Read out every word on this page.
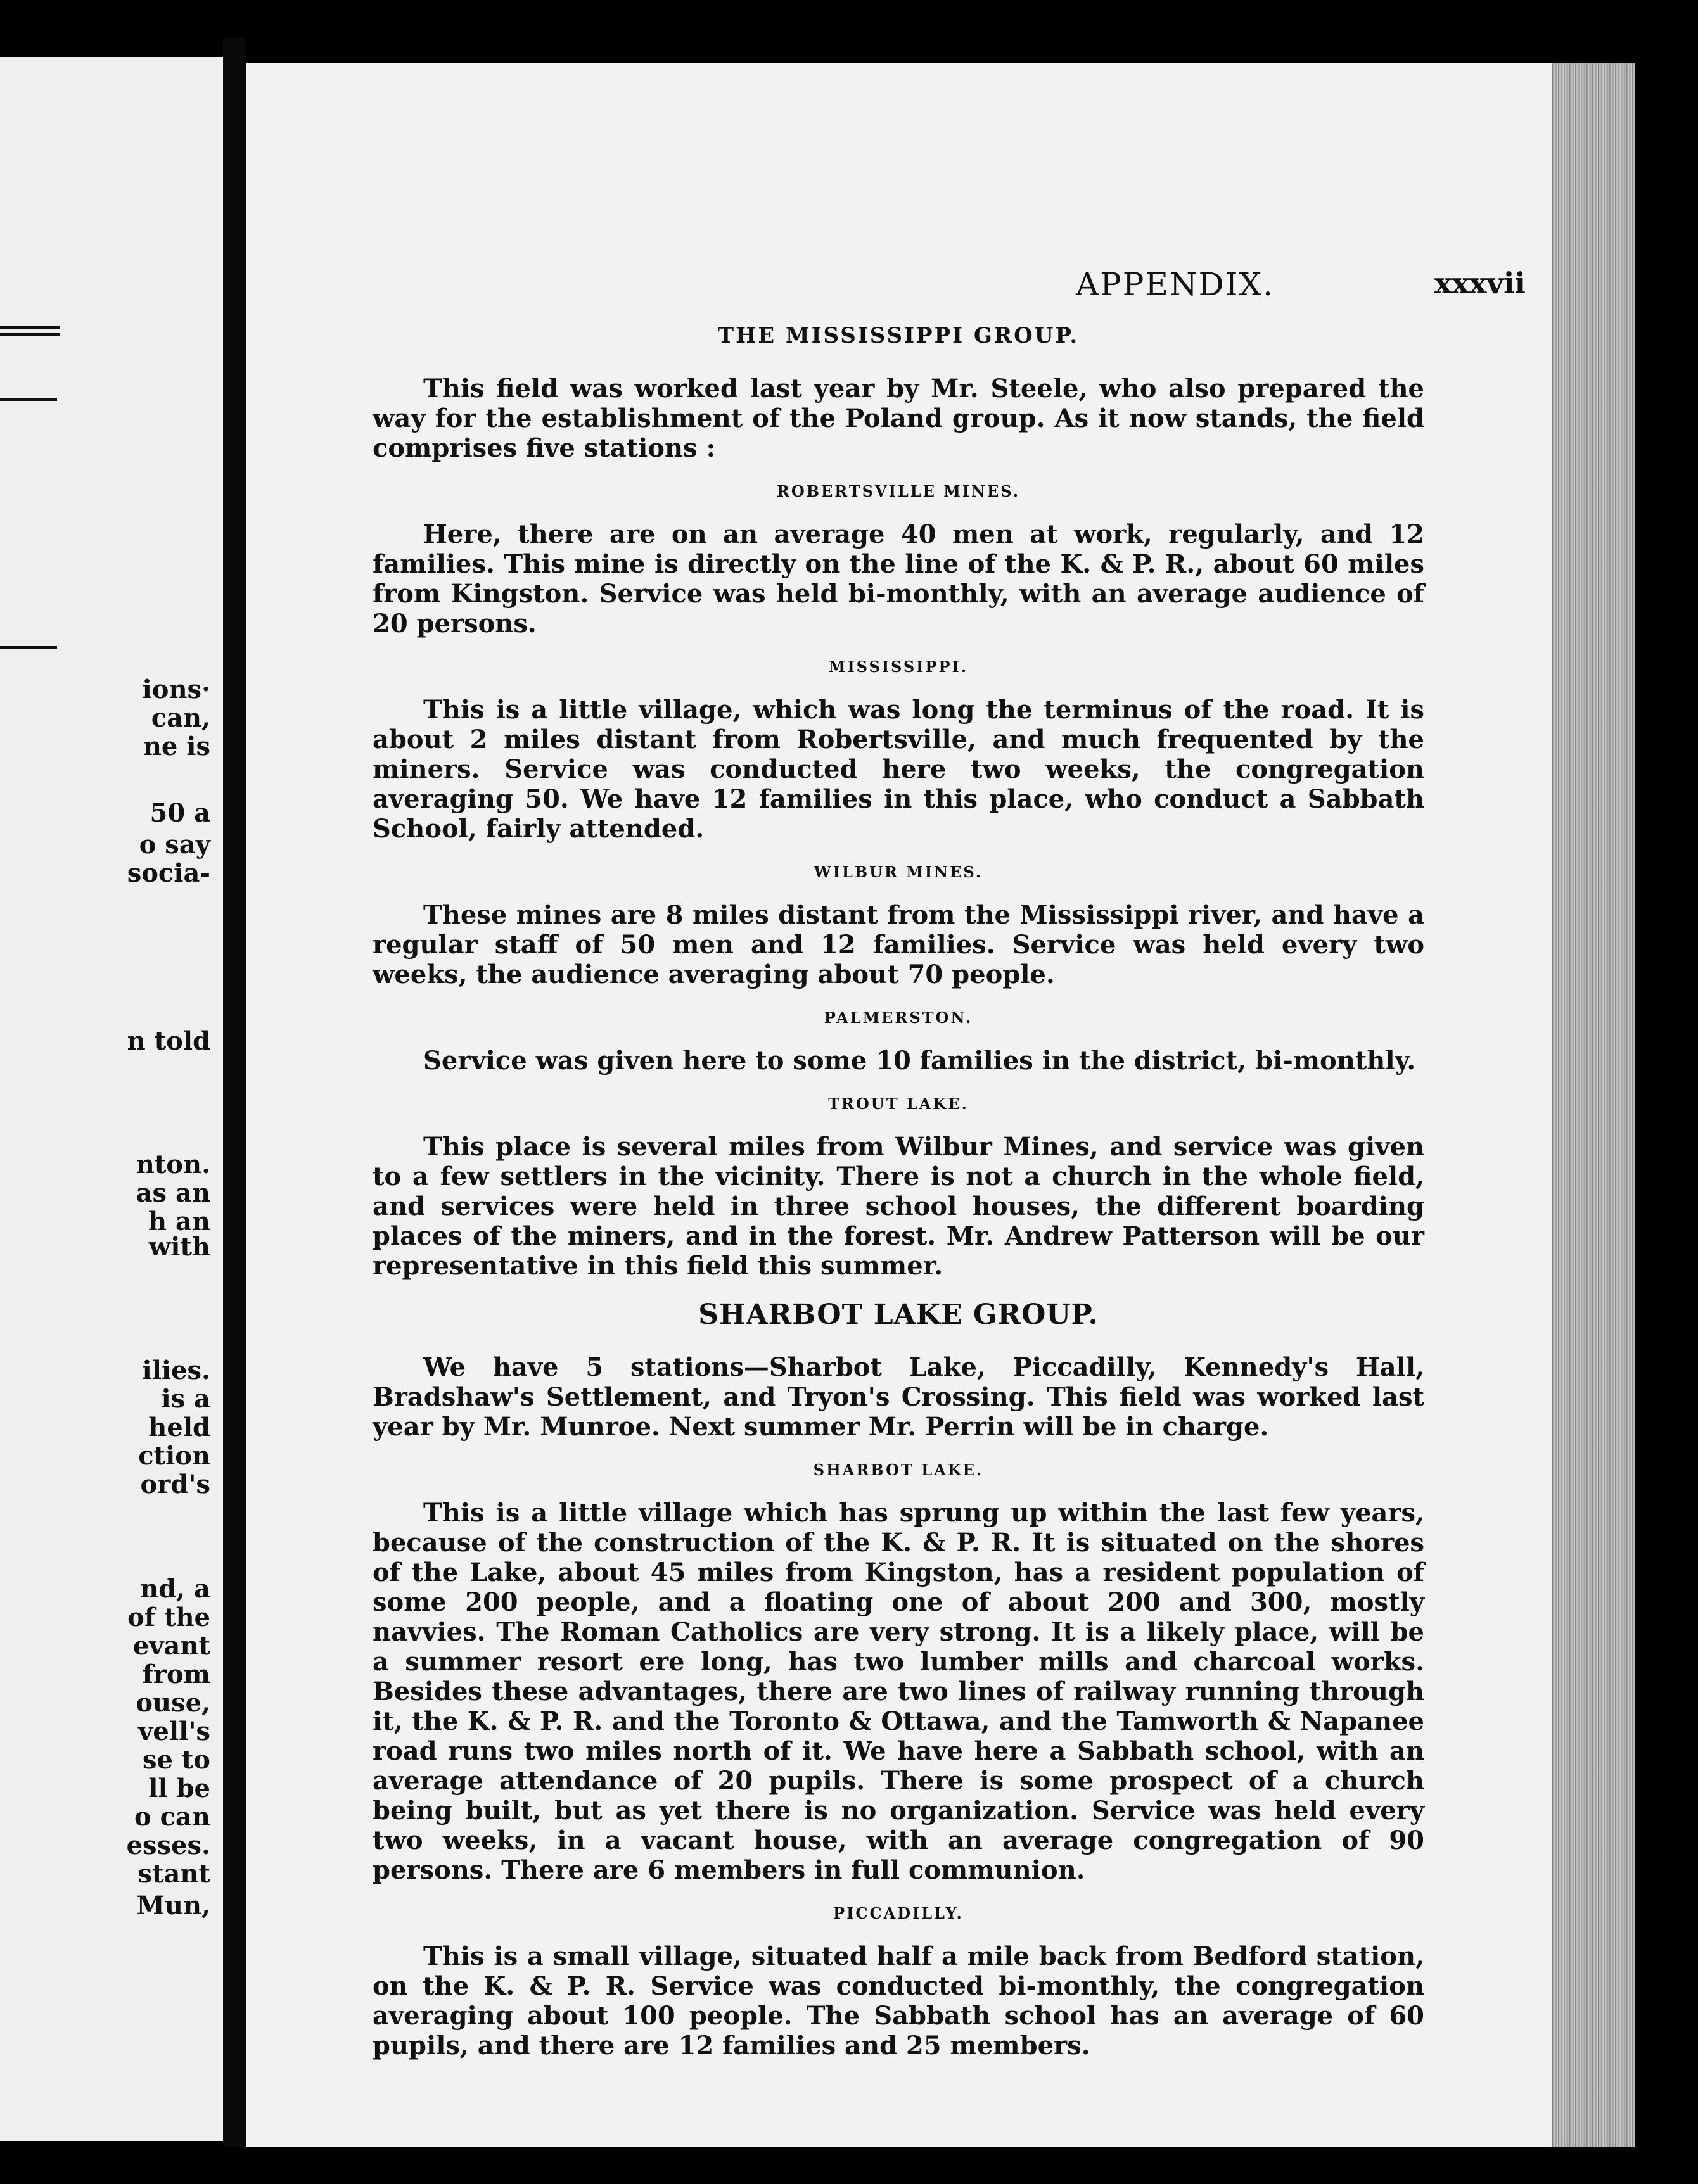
ions·
can,
ne is
50 a
o say
socia-
n told
nton.
as an
h an
with
ilies.
is a
held
ction
ord's
nd, a
of the
evant
from
ouse,
vell's
se to
ll be
o can
esses.
stant
Mun,
APPENDIX.	xxxvii
THE MISSISSIPPI GROUP.

This field was worked last year by Mr. Steele, who also prepared the way for the establishment of the Poland group. As it now stands, the field comprises five stations :

ROBERTSVILLE MINES.

Here, there are on an average 40 men at work, regularly, and 12 families. This mine is directly on the line of the K. & P. R., about 60 miles from Kingston. Service was held bi-monthly, with an average audience of 20 persons.

MISSISSIPPI.

This is a little village, which was long the terminus of the road. It is about 2 miles distant from Robertsville, and much frequented by the miners. Service was conducted here two weeks, the congregation averaging 50. We have 12 families in this place, who conduct a Sabbath School, fairly attended.

WILBUR MINES.

These mines are 8 miles distant from the Mississippi river, and have a regular staff of 50 men and 12 families. Service was held every two weeks, the audience averaging about 70 people.

PALMERSTON.

Service was given here to some 10 families in the district, bi-monthly.

TROUT LAKE.

This place is several miles from Wilbur Mines, and service was given to a few settlers in the vicinity. There is not a church in the whole field, and services were held in three school houses, the different boarding places of the miners, and in the forest. Mr. Andrew Patterson will be our representative in this field this summer.

SHARBOT LAKE GROUP.

We have 5 stations—Sharbot Lake, Piccadilly, Kennedy's Hall, Bradshaw's Settlement, and Tryon's Crossing. This field was worked last year by Mr. Munroe. Next summer Mr. Perrin will be in charge.

SHARBOT LAKE.

This is a little village which has sprung up within the last few years, because of the construction of the K. & P. R. It is situated on the shores of the Lake, about 45 miles from Kingston, has a resident population of some 200 people, and a floating one of about 200 and 300, mostly navvies. The Roman Catholics are very strong. It is a likely place, will be a summer resort ere long, has two lumber mills and charcoal works. Besides these advantages, there are two lines of railway running through it, the K. & P. R. and the Toronto & Ottawa, and the Tamworth & Napanee road runs two miles north of it. We have here a Sabbath school, with an average attendance of 20 pupils. There is some prospect of a church being built, but as yet there is no organization. Service was held every two weeks, in a vacant house, with an average congregation of 90 persons. There are 6 members in full communion.

PICCADILLY.

This is a small village, situated half a mile back from Bedford station, on the K. & P. R. Service was conducted bi-monthly, the congregation averaging about 100 people. The Sabbath school has an average of 60 pupils, and there are 12 families and 25 members.
